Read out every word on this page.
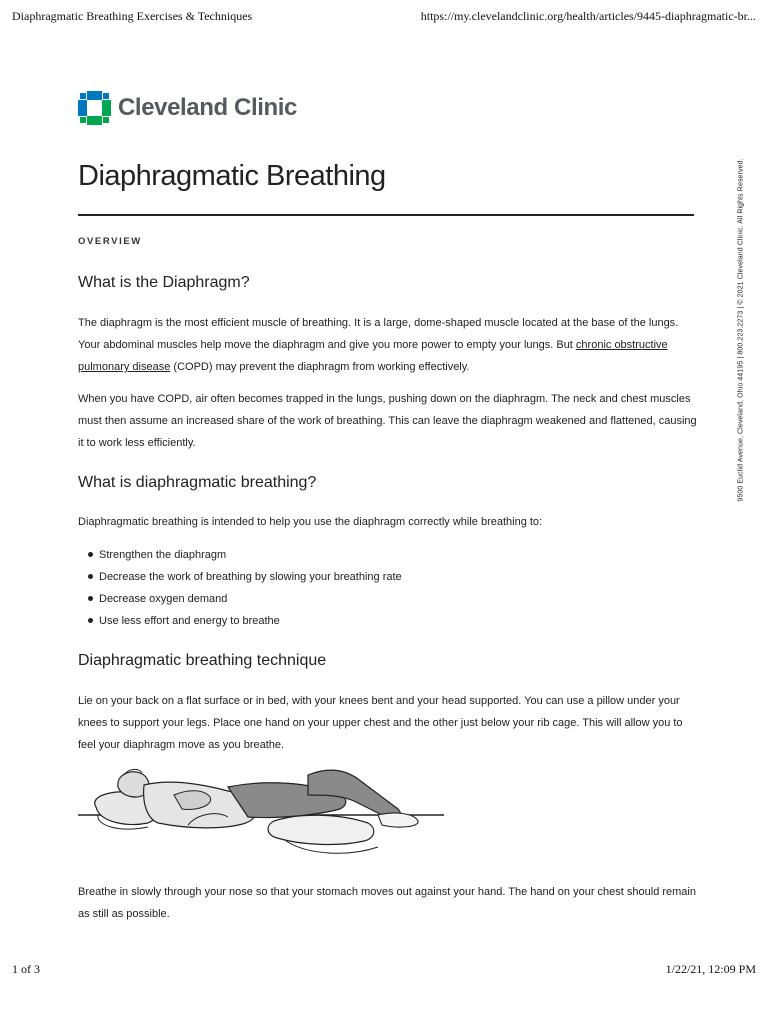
Diaphragmatic Breathing Exercises & Techniques	https://my.clevelandclinic.org/health/articles/9445-diaphragmatic-br...
Cleveland Clinic
Diaphragmatic Breathing
OVERVIEW
What is the Diaphragm?

The diaphragm is the most efficient muscle of breathing. It is a large, dome-shaped muscle located at the base of the lungs. Your abdominal muscles help move the diaphragm and give you more power to empty your lungs. But chronic obstructive pulmonary disease (COPD) may prevent the diaphragm from working effectively.

When you have COPD, air often becomes trapped in the lungs, pushing down on the diaphragm. The neck and chest muscles must then assume an increased share of the work of breathing. This can leave the diaphragm weakened and flattened, causing it to work less efficiently.

What is diaphragmatic breathing?

Diaphragmatic breathing is intended to help you use the diaphragm correctly while breathing to:

Strengthen the diaphragm
Decrease the work of breathing by slowing your breathing rate
Decrease oxygen demand
Use less effort and energy to breathe
Diaphragmatic breathing technique

Lie on your back on a flat surface or in bed, with your knees bent and your head supported. You can use a pillow under your knees to support your legs. Place one hand on your upper chest and the other just below your rib cage. This will allow you to feel your diaphragm move as you breathe.

Breathe in slowly through your nose so that your stomach moves out against your hand. The hand on your chest should remain as still as possible.

9500 Euclid Avenue, Cleveland, Ohio 44195 | 800.223.2273 | © 2021 Cleveland Clinic. All Rights Reserved.
1 of 3	1/22/21, 12:09 PM
